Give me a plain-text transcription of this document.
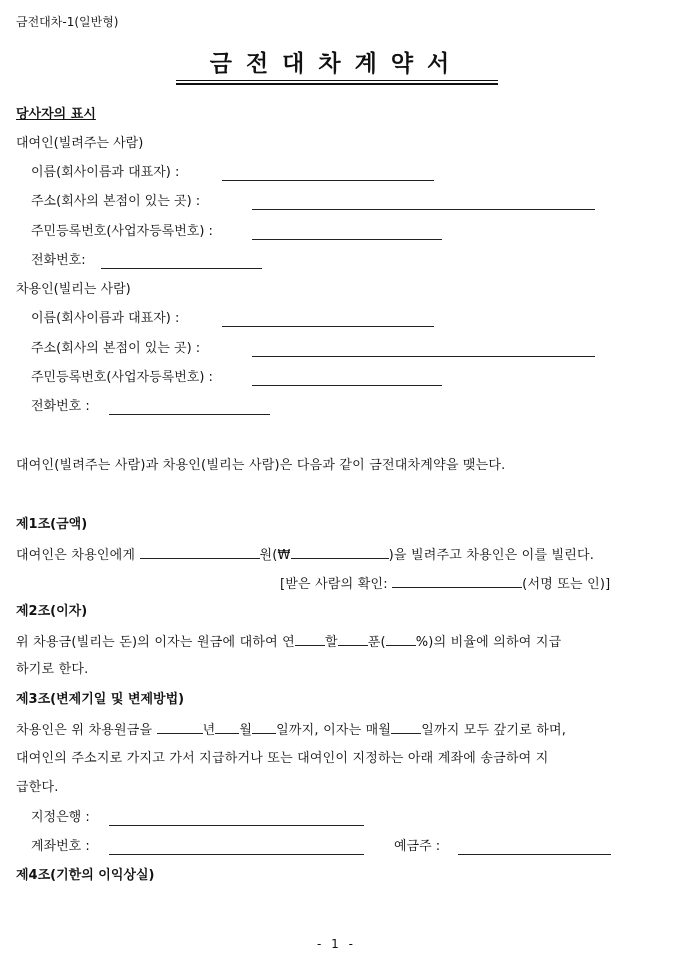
금전대차-1(일반형)
금전대차계약서
당사자의 표시
대여인(빌려주는 사람)
이름(회사이름과 대표자) :
주소(회사의 본점이 있는 곳) :
주민등록번호(사업자등록번호) :
전화번호:
차용인(빌리는 사람)
이름(회사이름과 대표자) :
주소(회사의 본점이 있는 곳) :
주민등록번호(사업자등록번호) :
전화번호 :
대여인(빌려주는 사람)과 차용인(빌리는 사람)은 다음과 같이 금전대차계약을 맺는다.
제1조(금액)
대여인은 차용인에게	원(₩	)을 빌려주고 차용인은 이를 빌린다.
[받은 사람의 확인:	(서명 또는 인)]
제2조(이자)
위 차용금(빌리는 돈)의 이자는 원금에 대하여 연 할 푼( %)의 비율에 의하여 지급
하기로 한다.
제3조(변제기일 및 변제방법)
차용인은 위 차용원금을	년 월 일까지, 이자는 매월 일까지 모두 갚기로 하며,
대여인의 주소지로 가지고 가서 지급하거나 또는 대여인이 지정하는 아래 계좌에 송금하여 지
급한다.
지정은행 :
계좌번호 :	예금주 :
제4조(기한의 이익상실)
- 1 -
